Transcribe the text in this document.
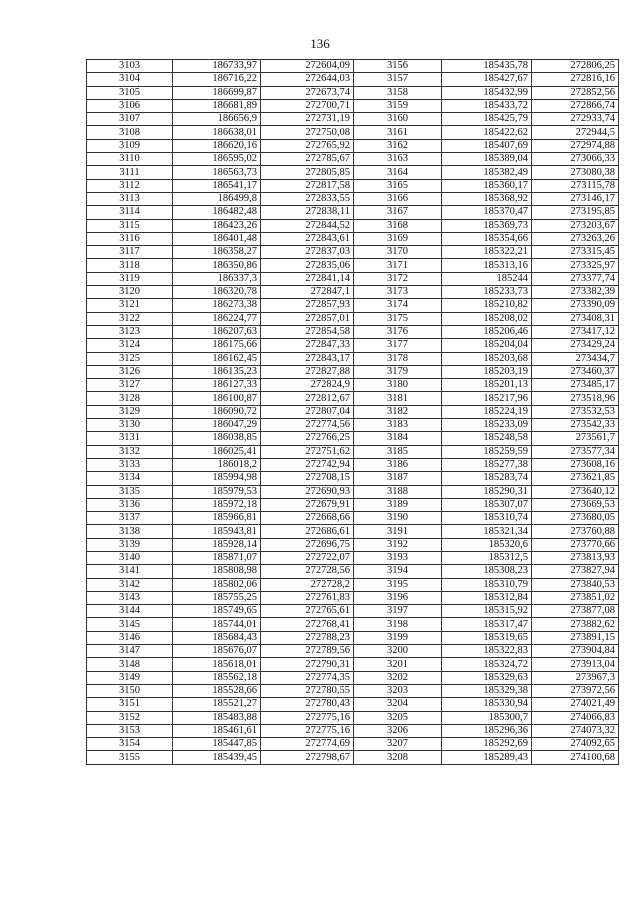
136
3103	186733,97	272604,09	3156	185435,78	272806,25
3104	186716,22	272644,03	3157	185427,67	272816,16
3105	186699,87	272673,74	3158	185432,99	272852,56
3106	186681,89	272700,71	3159	185433,72	272866,74
3107	186656,9	272731,19	3160	185425,79	272933,74
3108	186638,01	272750,08	3161	185422,62	272944,5
3109	186620,16	272765,92	3162	185407,69	272974,88
3110	186595,02	272785,67	3163	185389,04	273066,33
3111	186563,73	272805,85	3164	185382,49	273080,38
3112	186541,17	272817,58	3165	185360,17	273115,78
3113	186499,8	272833,55	3166	185368,92	273146,17
3114	186482,48	272838,11	3167	185370,47	273195,85
3115	186423,26	272844,52	3168	185369,73	273203,67
3116	186401,48	272843,61	3169	185354,66	273263,26
3117	186358,27	272837,03	3170	185322,21	273315,45
3118	186350,86	272835,06	3171	185313,16	273325,97
3119	186337,3	272841,14	3172	185244	273377,74
3120	186320,78	272847,1	3173	185233,73	273382,39
3121	186273,38	272857,93	3174	185210,82	273390,09
3122	186224,77	272857,01	3175	185208,02	273408,31
3123	186207,63	272854,58	3176	185206,46	273417,12
3124	186175,66	272847,33	3177	185204,04	273429,24
3125	186162,45	272843,17	3178	185203,68	273434,7
3126	186135,23	272827,88	3179	185203,19	273460,37
3127	186127,33	272824,9	3180	185201,13	273485,17
3128	186100,87	272812,67	3181	185217,96	273518,96
3129	186090,72	272807,04	3182	185224,19	273532,53
3130	186047,29	272774,56	3183	185233,09	273542,33
3131	186038,85	272766,25	3184	185248,58	273561,7
3132	186025,41	272751,62	3185	185259,59	273577,34
3133	186018,2	272742,94	3186	185277,38	273608,16
3134	185994,98	272708,15	3187	185283,74	273621,85
3135	185979,53	272690,93	3188	185290,31	273640,12
3136	185972,18	272679,91	3189	185307,07	273669,53
3137	185966,81	272668,66	3190	185310,74	273680,05
3138	185943,81	272686,61	3191	185321,34	273760,88
3139	185928,14	272696,75	3192	185320,6	273770,66
3140	185871,07	272722,07	3193	185312,5	273813,93
3141	185808,98	272728,56	3194	185308,23	273827,94
3142	185802,06	272728,2	3195	185310,79	273840,53
3143	185755,25	272761,83	3196	185312,84	273851,02
3144	185749,65	272765,61	3197	185315,92	273877,08
3145	185744,01	272768,41	3198	185317,47	273882,62
3146	185684,43	272788,23	3199	185319,65	273891,15
3147	185676,07	272789,56	3200	185322,83	273904,84
3148	185618,01	272790,31	3201	185324,72	273913,04
3149	185562,18	272774,35	3202	185329,63	273967,3
3150	185528,66	272780,55	3203	185329,38	273972,56
3151	185521,27	272780,43	3204	185330,94	274021,49
3152	185483,88	272775,16	3205	185300,7	274066,83
3153	185461,61	272775,16	3206	185296,36	274073,32
3154	185447,85	272774,69	3207	185292,69	274092,65
3155	185439,45	272798,67	3208	185289,43	274100,68
